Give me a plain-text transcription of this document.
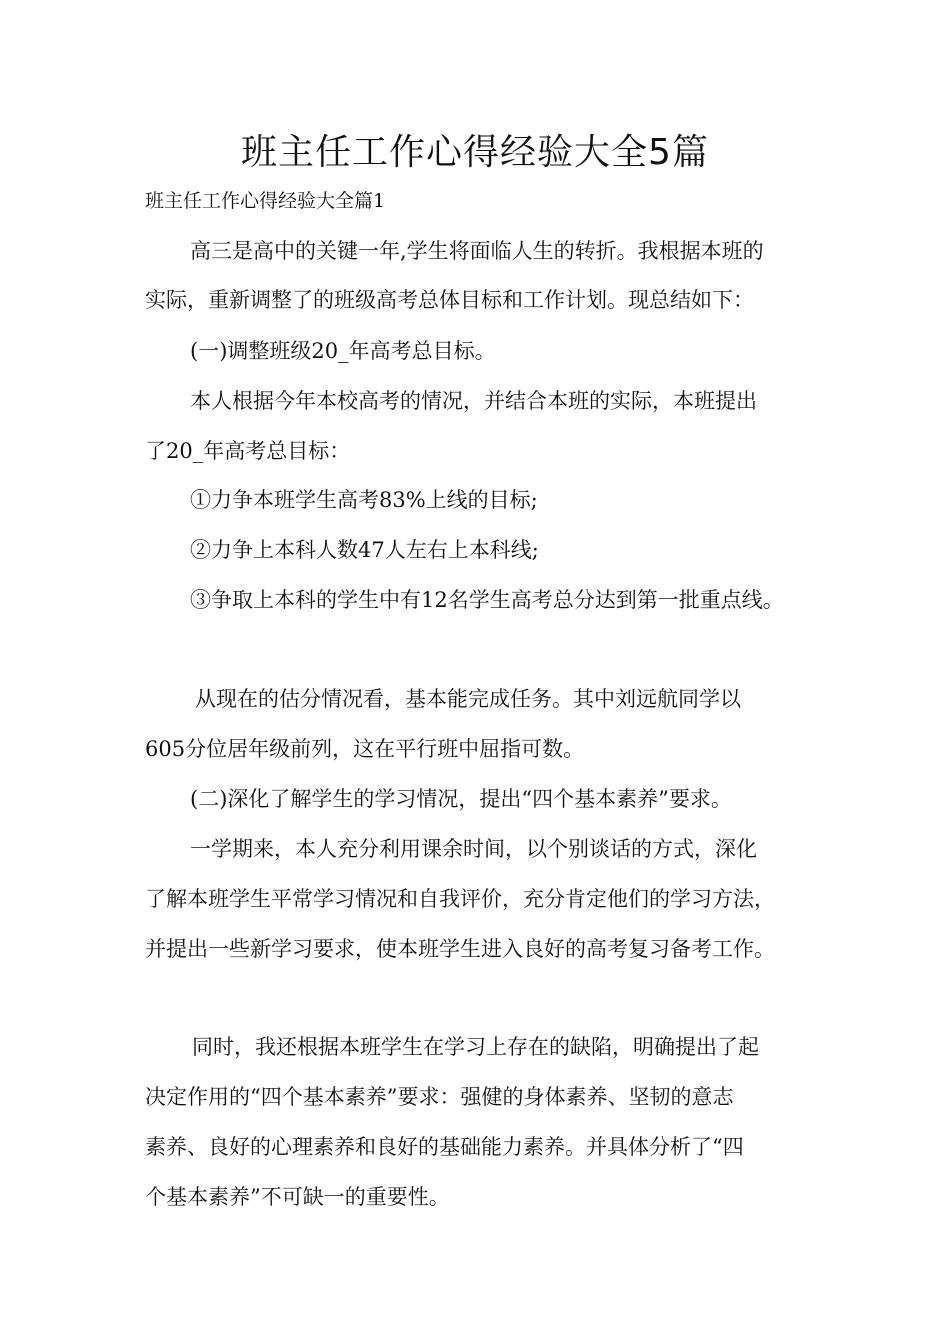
班主任工作心得经验大全5篇

班主任工作心得经验大全篇1

高三是高中的关键一年,学生将面临人生的转折。我根据本班的

实际，重新调整了的班级高考总体目标和工作计划。现总结如下：

(一)调整班级20_年高考总目标。

本人根据今年本校高考的情况，并结合本班的实际，本班提出

了20_年高考总目标：

①力争本班学生高考83%上线的目标;

②力争上本科人数47人左右上本科线;

③争取上本科的学生中有12名学生高考总分达到第一批重点线。

从现在的估分情况看，基本能完成任务。其中刘远航同学以

605分位居年级前列，这在平行班中屈指可数。

(二)深化了解学生的学习情况，提出“四个基本素养”要求。

一学期来，本人充分利用课余时间，以个别谈话的方式，深化

了解本班学生平常学习情况和自我评价，充分肯定他们的学习方法，

并提出一些新学习要求，使本班学生进入良好的高考复习备考工作。

同时，我还根据本班学生在学习上存在的缺陷，明确提出了起

决定作用的“四个基本素养”要求：强健的身体素养、坚韧的意志

素养、良好的心理素养和良好的基础能力素养。并具体分析了“四

个基本素养”不可缺一的重要性。
